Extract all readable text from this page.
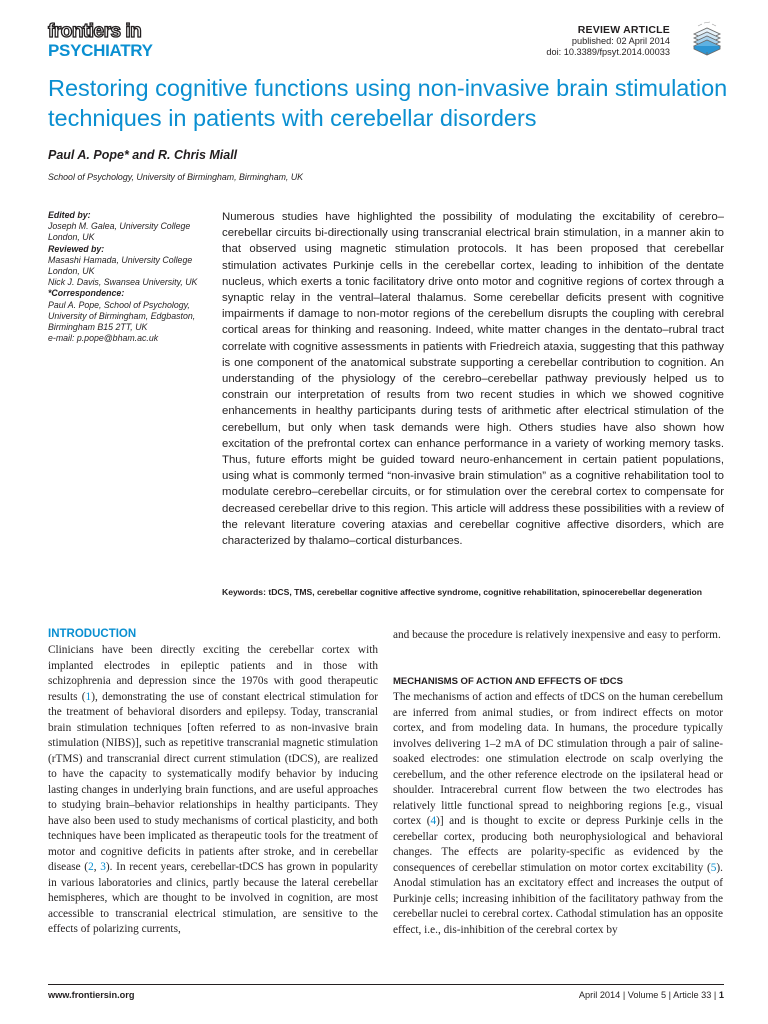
frontiers in
PSYCHIATRY
REVIEW ARTICLE
published: 02 April 2014
doi: 10.3389/fpsyt.2014.00033
Restoring cognitive functions using non-invasive brain stimulation techniques in patients with cerebellar disorders
Paul A. Pope* and R. Chris Miall
School of Psychology, University of Birmingham, Birmingham, UK
Edited by:
Joseph M. Galea, University College
London, UK
Reviewed by:
Masashi Hamada, University College
London, UK
Nick J. Davis, Swansea University, UK
*Correspondence:
Paul A. Pope, School of Psychology,
University of Birmingham, Edgbaston,
Birmingham B15 2TT, UK
e-mail: p.pope@bham.ac.uk
Numerous studies have highlighted the possibility of modulating the excitability of cerebro–cerebellar circuits bi-directionally using transcranial electrical brain stimulation, in a manner akin to that observed using magnetic stimulation protocols. It has been proposed that cerebellar stimulation activates Purkinje cells in the cerebellar cortex, leading to inhibition of the dentate nucleus, which exerts a tonic facilitatory drive onto motor and cognitive regions of cortex through a synaptic relay in the ventral–lateral thalamus. Some cerebellar deficits present with cognitive impairments if damage to non-motor regions of the cerebellum disrupts the coupling with cerebral cortical areas for thinking and reasoning. Indeed, white matter changes in the dentato–rubral tract correlate with cognitive assessments in patients with Friedreich ataxia, suggesting that this pathway is one component of the anatomical substrate supporting a cerebellar contribution to cognition. An understanding of the physiology of the cerebro–cerebellar pathway previously helped us to constrain our interpretation of results from two recent studies in which we showed cognitive enhancements in healthy participants during tests of arithmetic after electrical stimulation of the cerebellum, but only when task demands were high. Others studies have also shown how excitation of the prefrontal cortex can enhance performance in a variety of working memory tasks. Thus, future efforts might be guided toward neuro-enhancement in certain patient populations, using what is commonly termed “non-invasive brain stimulation” as a cognitive rehabilitation tool to modulate cerebro–cerebellar circuits, or for stimulation over the cerebral cortex to compensate for decreased cerebellar drive to this region. This article will address these possibilities with a review of the relevant literature covering ataxias and cerebellar cognitive affective disorders, which are characterized by thalamo–cortical disturbances.
Keywords: tDCS, TMS, cerebellar cognitive affective syndrome, cognitive rehabilitation, spinocerebellar degeneration
INTRODUCTION
Clinicians have been directly exciting the cerebellar cortex with implanted electrodes in epileptic patients and in those with schizophrenia and depression since the 1970s with good therapeutic results (1), demonstrating the use of constant electrical stimulation for the treatment of behavioral disorders and epilepsy. Today, transcranial brain stimulation techniques [often referred to as non-invasive brain stimulation (NIBS)], such as repetitive transcranial magnetic stimulation (rTMS) and transcranial direct current stimulation (tDCS), are realized to have the capacity to systematically modify behavior by inducing lasting changes in underlying brain functions, and are useful approaches to studying brain–behavior relationships in healthy participants. They have also been used to study mechanisms of cortical plasticity, and both techniques have been implicated as therapeutic tools for the treatment of motor and cognitive deficits in patients after stroke, and in cerebellar disease (2, 3). In recent years, cerebellar-tDCS has grown in popularity in various laboratories and clinics, partly because the lateral cerebellar hemispheres, which are thought to be involved in cognition, are most accessible to transcranial electrical stimulation, are sensitive to the effects of polarizing currents,
and because the procedure is relatively inexpensive and easy to perform.
MECHANISMS OF ACTION AND EFFECTS OF tDCS
The mechanisms of action and effects of tDCS on the human cerebellum are inferred from animal studies, or from indirect effects on motor cortex, and from modeling data. In humans, the procedure typically involves delivering 1–2 mA of DC stimulation through a pair of saline-soaked electrodes: one stimulation electrode on scalp overlying the cerebellum, and the other reference electrode on the ipsilateral head or shoulder. Intracerebral current flow between the two electrodes has relatively little functional spread to neighboring regions [e.g., visual cortex (4)] and is thought to excite or depress Purkinje cells in the cerebellar cortex, producing both neurophysiological and behavioral changes. The effects are polarity-specific as evidenced by the consequences of cerebellar stimulation on motor cortex excitability (5). Anodal stimulation has an excitatory effect and increases the output of Purkinje cells; increasing inhibition of the facilitatory pathway from the cerebellar nuclei to cerebral cortex. Cathodal stimulation has an opposite effect, i.e., dis-inhibition of the cerebral cortex by
www.frontiersin.org	April 2014 | Volume 5 | Article 33 | 1
